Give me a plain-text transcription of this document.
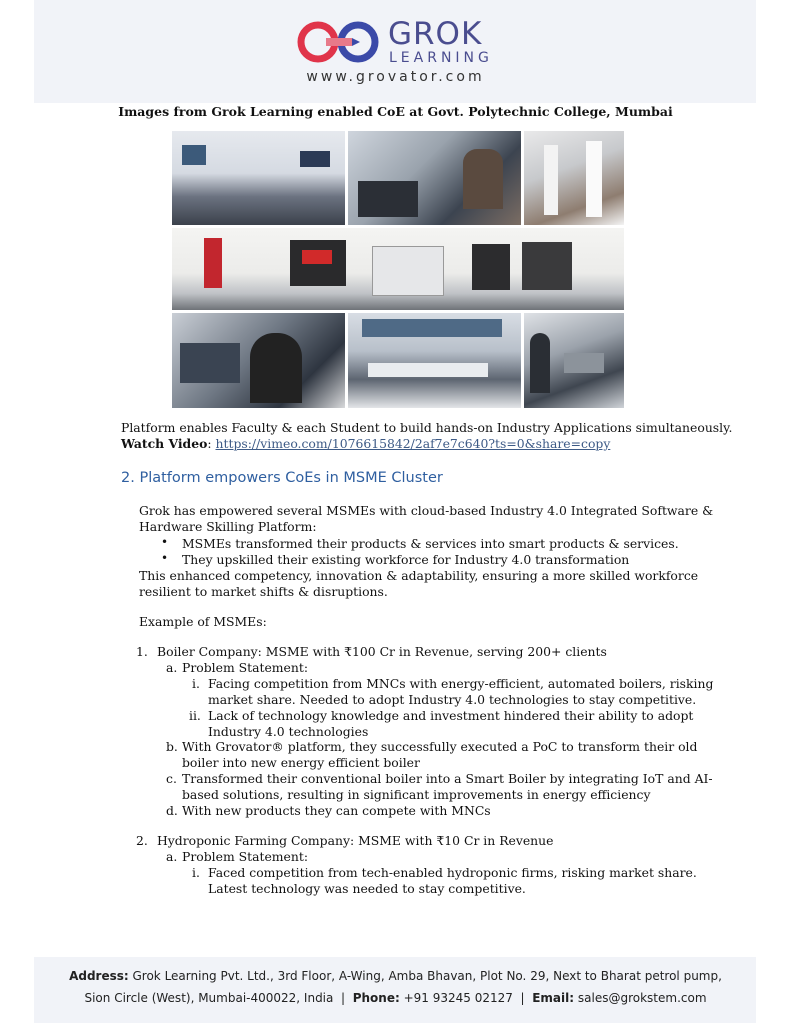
GROK
LEARNING
www.grovator.com
Images from Grok Learning enabled CoE at Govt. Polytechnic College, Mumbai
Platform enables Faculty & each Student to build hands-on Industry Applications simultaneously.
Watch Video: https://vimeo.com/1076615842/2af7e7c640?ts=0&share=copy
2. Platform empowers CoEs in MSME Cluster
Grok has empowered several MSMEs with cloud-based Industry 4.0 Integrated Software &
Hardware Skilling Platform:
• MSMEs transformed their products & services into smart products & services.
• They upskilled their existing workforce for Industry 4.0 transformation
This enhanced competency, innovation & adaptability, ensuring a more skilled workforce
resilient to market shifts & disruptions.
Example of MSMEs:
1. Boiler Company: MSME with ₹100 Cr in Revenue, serving 200+ clients
a. Problem Statement:
i. Facing competition from MNCs with energy-efficient, automated boilers, risking
market share. Needed to adopt Industry 4.0 technologies to stay competitive.
ii. Lack of technology knowledge and investment hindered their ability to adopt
Industry 4.0 technologies
b. With Grovator® platform, they successfully executed a PoC to transform their old
boiler into new energy efficient boiler
c. Transformed their conventional boiler into a Smart Boiler by integrating IoT and AI-
based solutions, resulting in significant improvements in energy efficiency
d. With new products they can compete with MNCs
2. Hydroponic Farming Company: MSME with ₹10 Cr in Revenue
a. Problem Statement:
i. Faced competition from tech-enabled hydroponic firms, risking market share.
Latest technology was needed to stay competitive.
Address: Grok Learning Pvt. Ltd., 3rd Floor, A-Wing, Amba Bhavan, Plot No. 29, Next to Bharat petrol pump,
Sion Circle (West), Mumbai-400022, India | Phone: +91 93245 02127 | Email: sales@grokstem.com
